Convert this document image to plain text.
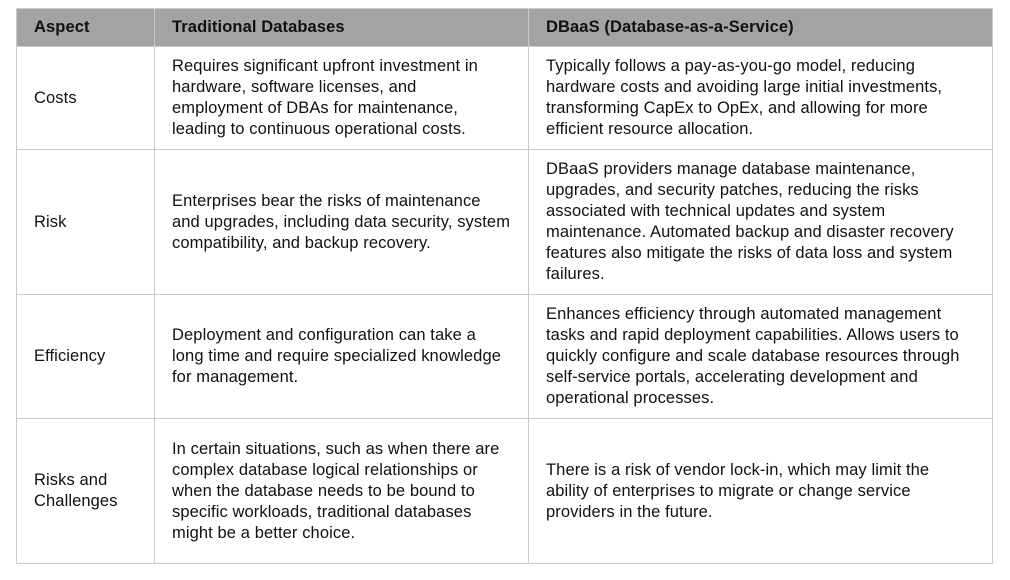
Aspect	Traditional Databases	DBaaS (Database-as-a-Service)
Costs	Requires significant upfront investment in hardware, software licenses, and employment of DBAs for maintenance, leading to continuous operational costs.	Typically follows a pay-as-you-go model, reducing hardware costs and avoiding large initial investments, transforming CapEx to OpEx, and allowing for more efficient resource allocation.
Risk	Enterprises bear the risks of maintenance and upgrades, including data security, system compatibility, and backup recovery.	DBaaS providers manage database maintenance, upgrades, and security patches, reducing the risks associated with technical updates and system maintenance. Automated backup and disaster recovery features also mitigate the risks of data loss and system failures.
Efficiency	Deployment and configuration can take a long time and require specialized knowledge for management.	Enhances efficiency through automated management tasks and rapid deployment capabilities. Allows users to quickly configure and scale database resources through self-service portals, accelerating development and operational processes.
Risks and Challenges	In certain situations, such as when there are complex database logical relationships or when the database needs to be bound to specific workloads, traditional databases might be a better choice.	There is a risk of vendor lock-in, which may limit the ability of enterprises to migrate or change service providers in the future.
